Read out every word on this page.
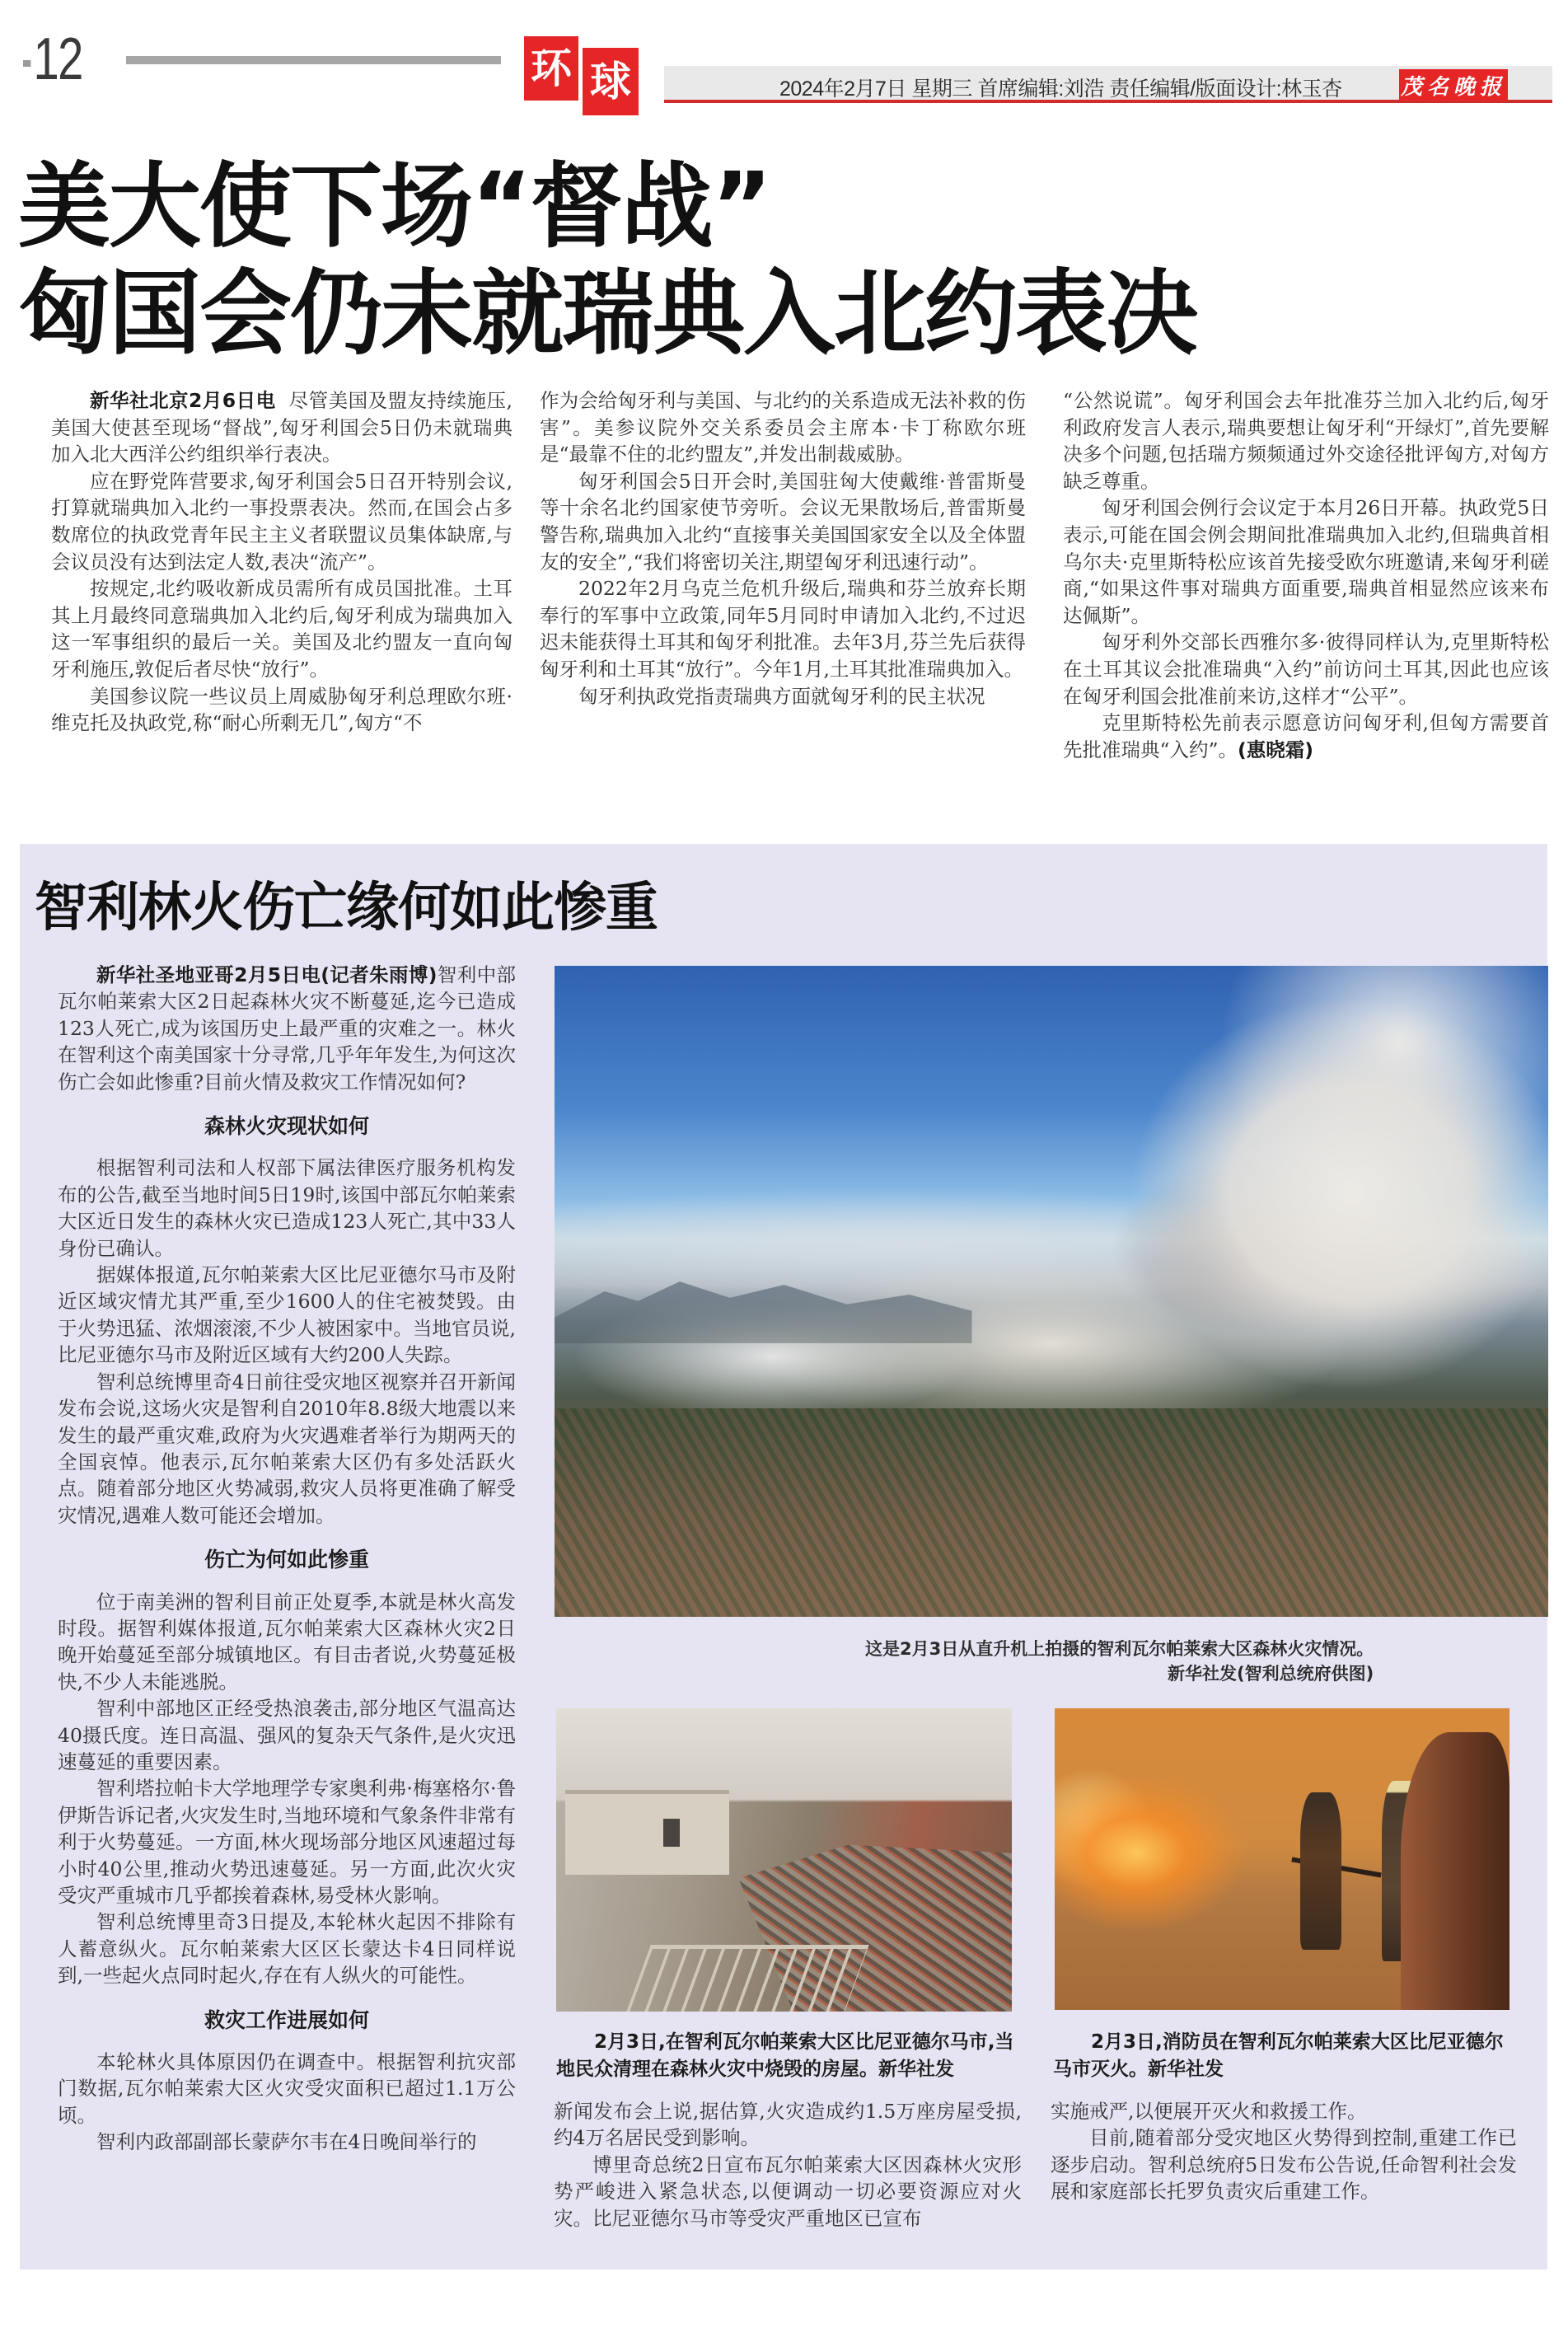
12	环 球	2024年2月7日 星期三 首席编辑:刘浩 责任编辑/版面设计:林玉杏	茂名晚报
美大使下场“督战”
匈国会仍未就瑞典入北约表决

新华社北京2月6日电 尽管美国及盟友持续施压,美国大使甚至现场“督战”,匈牙利国会5日仍未就瑞典加入北大西洋公约组织举行表决。

应在野党阵营要求,匈牙利国会5日召开特别会议,打算就瑞典加入北约一事投票表决。然而,在国会占多数席位的执政党青年民主主义者联盟议员集体缺席,与会议员没有达到法定人数,表决“流产”。

按规定,北约吸收新成员需所有成员国批准。土耳其上月最终同意瑞典加入北约后,匈牙利成为瑞典加入这一军事组织的最后一关。美国及北约盟友一直向匈牙利施压,敦促后者尽快“放行”。

美国参议院一些议员上周威胁匈牙利总理欧尔班·维克托及执政党,称“耐心所剩无几”,匈方“不

作为会给匈牙利与美国、与北约的关系造成无法补救的伤害”。美参议院外交关系委员会主席本·卡丁称欧尔班是“最靠不住的北约盟友”,并发出制裁威胁。

匈牙利国会5日开会时,美国驻匈大使戴维·普雷斯曼等十余名北约国家使节旁听。会议无果散场后,普雷斯曼警告称,瑞典加入北约“直接事关美国国家安全以及全体盟友的安全”,“我们将密切关注,期望匈牙利迅速行动”。

2022年2月乌克兰危机升级后,瑞典和芬兰放弃长期奉行的军事中立政策,同年5月同时申请加入北约,不过迟迟未能获得土耳其和匈牙利批准。去年3月,芬兰先后获得匈牙利和土耳其“放行”。今年1月,土耳其批准瑞典加入。

匈牙利执政党指责瑞典方面就匈牙利的民主状况

“公然说谎”。匈牙利国会去年批准芬兰加入北约后,匈牙利政府发言人表示,瑞典要想让匈牙利“开绿灯”,首先要解决多个问题,包括瑞方频频通过外交途径批评匈方,对匈方缺乏尊重。

匈牙利国会例行会议定于本月26日开幕。执政党5日表示,可能在国会例会期间批准瑞典加入北约,但瑞典首相乌尔夫·克里斯特松应该首先接受欧尔班邀请,来匈牙利磋商,“如果这件事对瑞典方面重要,瑞典首相显然应该来布达佩斯”。

匈牙利外交部长西雅尔多·彼得同样认为,克里斯特松在土耳其议会批准瑞典“入约”前访问土耳其,因此也应该在匈牙利国会批准前来访,这样才“公平”。

克里斯特松先前表示愿意访问匈牙利,但匈方需要首先批准瑞典“入约”。(惠晓霜)

智利林火伤亡缘何如此惨重

新华社圣地亚哥2月5日电(记者朱雨博)智利中部瓦尔帕莱索大区2日起森林火灾不断蔓延,迄今已造成123人死亡,成为该国历史上最严重的灾难之一。林火在智利这个南美国家十分寻常,几乎年年发生,为何这次伤亡会如此惨重?目前火情及救灾工作情况如何?

森林火灾现状如何

根据智利司法和人权部下属法律医疗服务机构发布的公告,截至当地时间5日19时,该国中部瓦尔帕莱索大区近日发生的森林火灾已造成123人死亡,其中33人身份已确认。

据媒体报道,瓦尔帕莱索大区比尼亚德尔马市及附近区域灾情尤其严重,至少1600人的住宅被焚毁。由于火势迅猛、浓烟滚滚,不少人被困家中。当地官员说,比尼亚德尔马市及附近区域有大约200人失踪。

智利总统博里奇4日前往受灾地区视察并召开新闻发布会说,这场火灾是智利自2010年8.8级大地震以来发生的最严重灾难,政府为火灾遇难者举行为期两天的全国哀悼。他表示,瓦尔帕莱索大区仍有多处活跃火点。随着部分地区火势减弱,救灾人员将更准确了解受灾情况,遇难人数可能还会增加。

伤亡为何如此惨重

位于南美洲的智利目前正处夏季,本就是林火高发时段。据智利媒体报道,瓦尔帕莱索大区森林火灾2日晚开始蔓延至部分城镇地区。有目击者说,火势蔓延极快,不少人未能逃脱。

智利中部地区正经受热浪袭击,部分地区气温高达40摄氏度。连日高温、强风的复杂天气条件,是火灾迅速蔓延的重要因素。

智利塔拉帕卡大学地理学专家奥利弗·梅塞格尔·鲁伊斯告诉记者,火灾发生时,当地环境和气象条件非常有利于火势蔓延。一方面,林火现场部分地区风速超过每小时40公里,推动火势迅速蔓延。另一方面,此次火灾受灾严重城市几乎都挨着森林,易受林火影响。

智利总统博里奇3日提及,本轮林火起因不排除有人蓄意纵火。瓦尔帕莱索大区区长蒙达卡4日同样说到,一些起火点同时起火,存在有人纵火的可能性。

救灾工作进展如何

本轮林火具体原因仍在调查中。根据智利抗灾部门数据,瓦尔帕莱索大区火灾受灾面积已超过1.1万公顷。

智利内政部副部长蒙萨尔韦在4日晚间举行的

这是2月3日从直升机上拍摄的智利瓦尔帕莱索大区森林火灾情况。
新华社发(智利总统府供图)
2月3日,在智利瓦尔帕莱索大区比尼亚德尔马市,当地民众清理在森林火灾中烧毁的房屋。新华社发
2月3日,消防员在智利瓦尔帕莱索大区比尼亚德尔马市灭火。新华社发

新闻发布会上说,据估算,火灾造成约1.5万座房屋受损,约4万名居民受到影响。

博里奇总统2日宣布瓦尔帕莱索大区因森林火灾形势严峻进入紧急状态,以便调动一切必要资源应对火灾。比尼亚德尔马市等受灾严重地区已宣布

实施戒严,以便展开灭火和救援工作。

目前,随着部分受灾地区火势得到控制,重建工作已逐步启动。智利总统府5日发布公告说,任命智利社会发展和家庭部长托罗负责灾后重建工作。
